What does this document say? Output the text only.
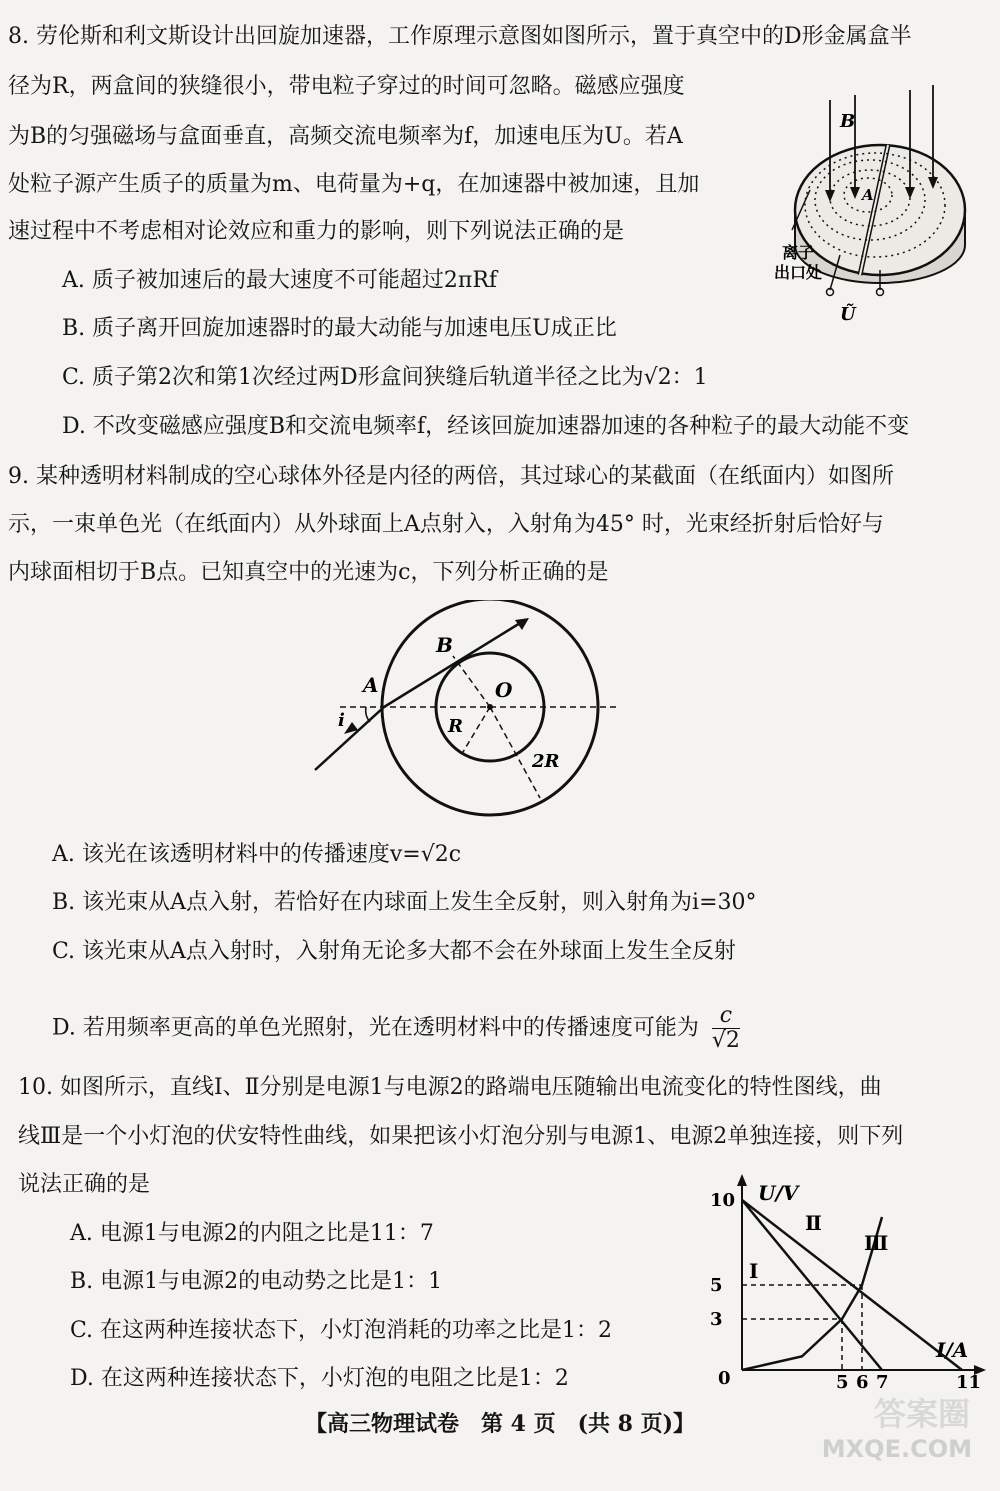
8. 劳伦斯和利文斯设计出回旋加速器，工作原理示意图如图所示，置于真空中的D形金属盒半
径为R，两盒间的狭缝很小，带电粒子穿过的时间可忽略。磁感应强度
为B的匀强磁场与盒面垂直，高频交流电频率为f，加速电压为U。若A
处粒子源产生质子的质量为m、电荷量为+q，在加速器中被加速，且加
速过程中不考虑相对论效应和重力的影响，则下列说法正确的是
A. 质子被加速后的最大速度不可能超过2πRf
B. 质子离开回旋加速器时的最大动能与加速电压U成正比
C. 质子第2次和第1次经过两D形盒间狭缝后轨道半径之比为√2：1
D. 不改变磁感应强度B和交流电频率f，经该回旋加速器加速的各种粒子的最大动能不变
B
A
离子
出口处
Ũ
9. 某种透明材料制成的空心球体外径是内径的两倍，其过球心的某截面（在纸面内）如图所
示，一束单色光（在纸面内）从外球面上A点射入，入射角为45° 时，光束经折射后恰好与
内球面相切于B点。已知真空中的光速为c，下列分析正确的是
A
B
O
i	R
2R
A. 该光在该透明材料中的传播速度v=√2c
B. 该光束从A点入射，若恰好在内球面上发生全反射，则入射角为i=30°
C. 该光束从A点入射时，入射角无论多大都不会在外球面上发生全反射
D. 若用频率更高的单色光照射，光在透明材料中的传播速度可能为 $\frac{c}{√2}$
10. 如图所示，直线Ⅰ、Ⅱ分别是电源1与电源2的路端电压随输出电流变化的特性图线，曲
线Ⅲ是一个小灯泡的伏安特性曲线，如果把该小灯泡分别与电源1、电源2单独连接，则下列
说法正确的是
A. 电源1与电源2的内阻之比是11：7
B. 电源1与电源2的电动势之比是1：1
C. 在这两种连接状态下，小灯泡消耗的功率之比是1：2
D. 在这两种连接状态下，小灯泡的电阻之比是1：2
U/V
I/A
0	5 6 7	11
3
5
10
Ⅰ
Ⅱ
Ⅲ
【高三物理试卷　第 4 页　(共 8 页)】	答案圈
MXQE.COM
